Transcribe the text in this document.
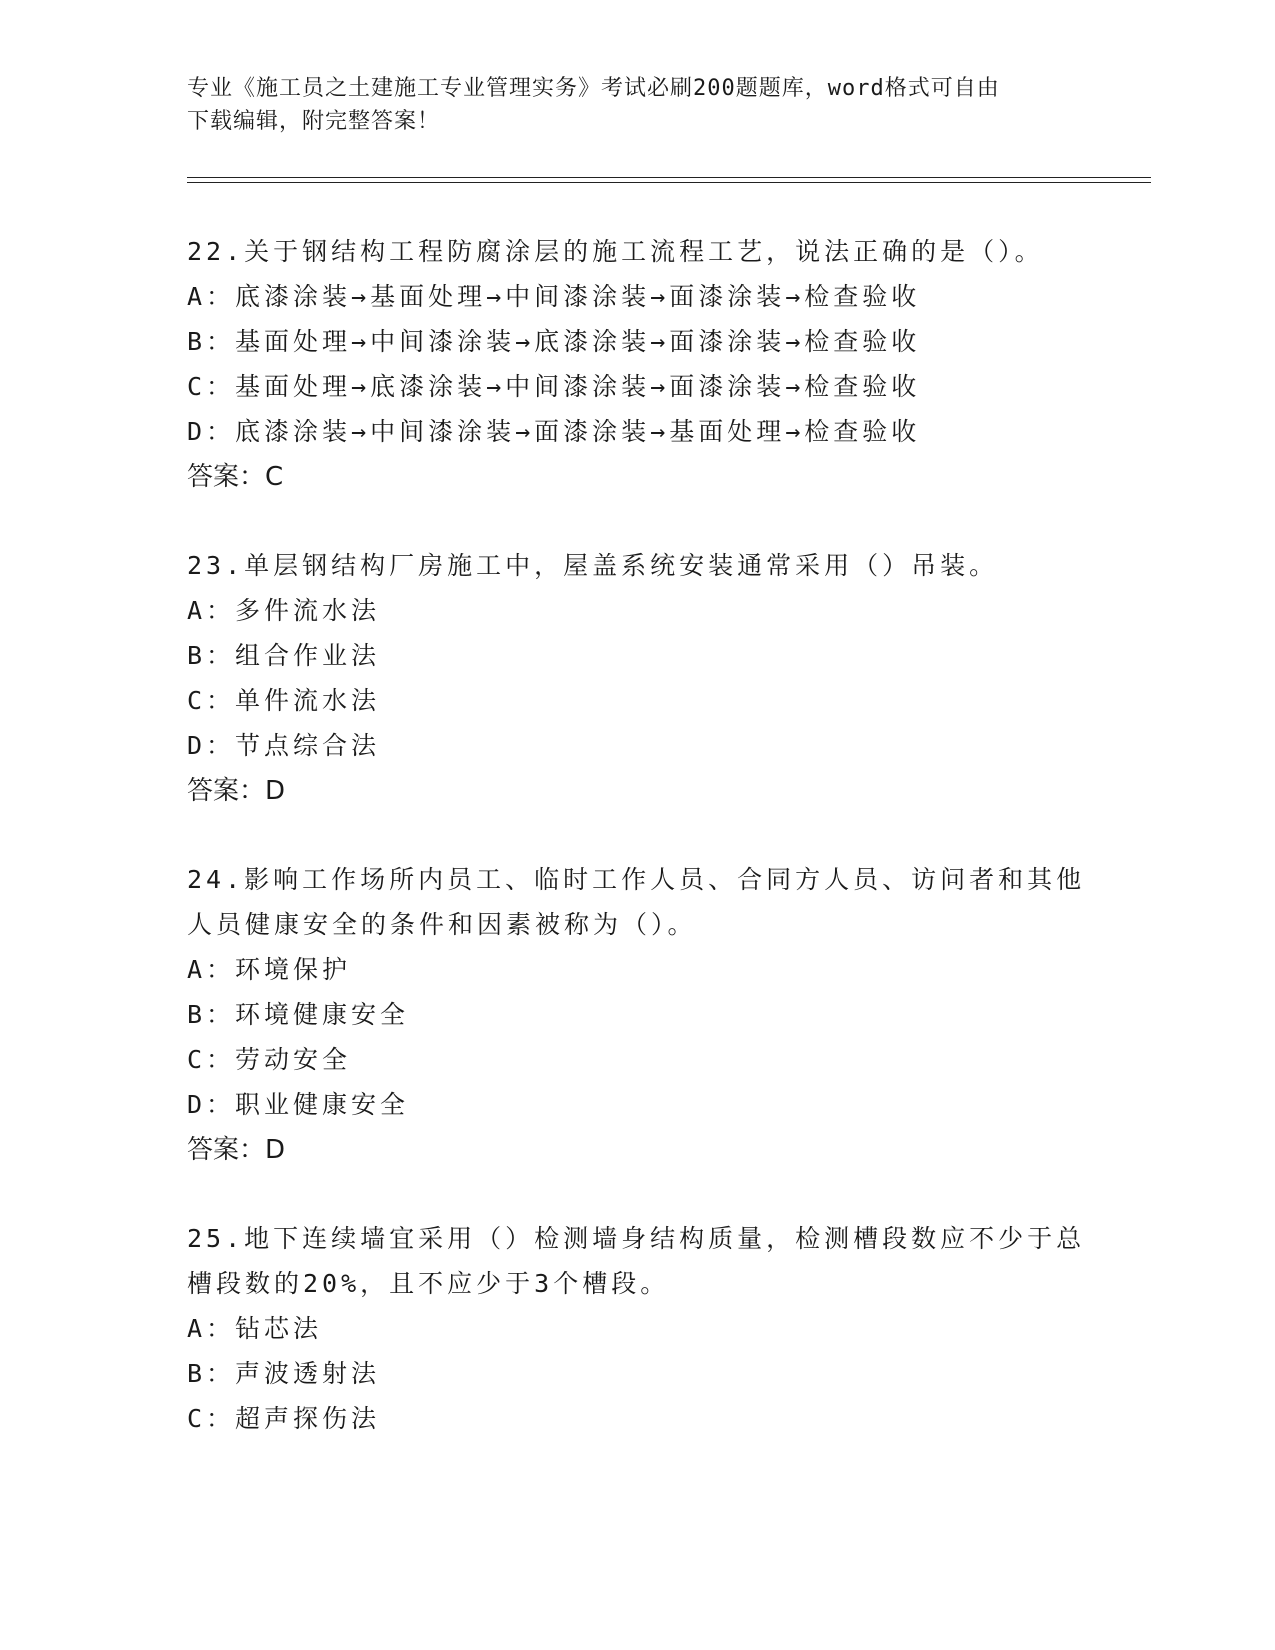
专业《施工员之土建施工专业管理实务》考试必刷200题题库，word格式可自由
下载编辑，附完整答案！
22.关于钢结构工程防腐涂层的施工流程工艺，说法正确的是（）。
A：底漆涂装→基面处理→中间漆涂装→面漆涂装→检查验收
B：基面处理→中间漆涂装→底漆涂装→面漆涂装→检查验收
C：基面处理→底漆涂装→中间漆涂装→面漆涂装→检查验收
D：底漆涂装→中间漆涂装→面漆涂装→基面处理→检查验收
答案：C
23.单层钢结构厂房施工中，屋盖系统安装通常采用（）吊装。
A：多件流水法
B：组合作业法
C：单件流水法
D：节点综合法
答案：D
24.影响工作场所内员工、临时工作人员、合同方人员、访问者和其他
人员健康安全的条件和因素被称为（）。
A：环境保护
B：环境健康安全
C：劳动安全
D：职业健康安全
答案：D
25.地下连续墙宜采用（）检测墙身结构质量，检测槽段数应不少于总
槽段数的20%，且不应少于3个槽段。
A：钻芯法
B：声波透射法
C：超声探伤法
